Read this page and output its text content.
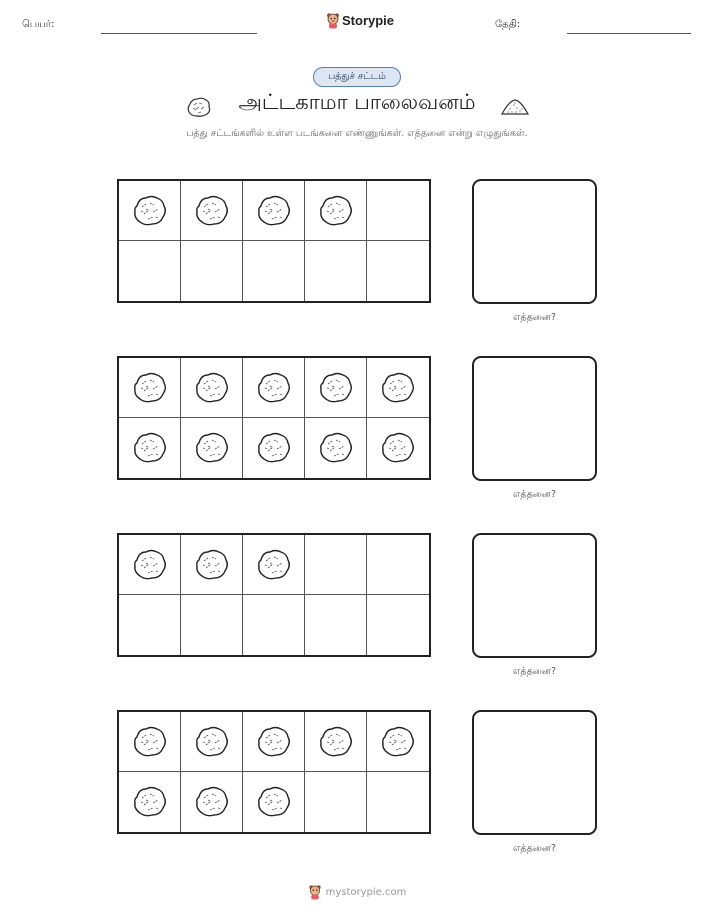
பெயர்:	Storypie	தேதி:
பத்துச் சட்டம்
அட்டகாமா பாலைவனம்
பத்து சட்டங்களில் உள்ள படங்களை எண்ணுங்கள். எத்தனை என்று எழுதுங்கள்.
எத்தனை?
எத்தனை?
எத்தனை?
எத்தனை?
mystorypie.com
